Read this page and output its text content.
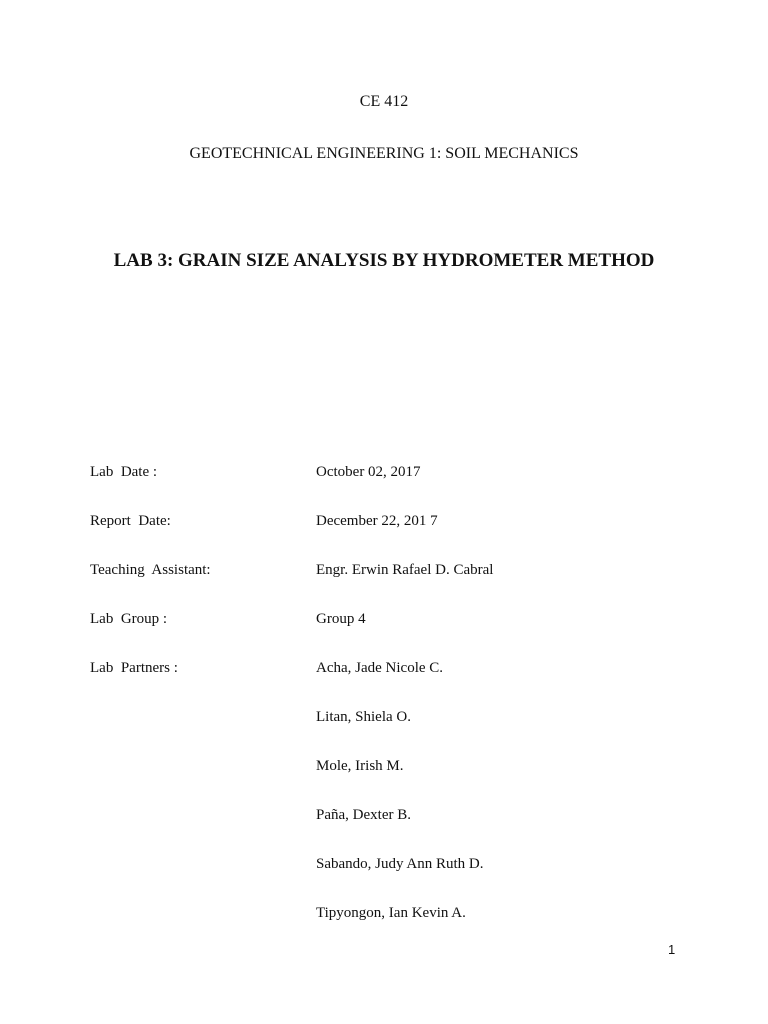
CE 412
GEOTECHNICAL ENGINEERING 1: SOIL MECHANICS
LAB 3: GRAIN SIZE ANALYSIS BY HYDROMETER METHOD
Lab  Date :	October 02, 2017
Report  Date:	December 22, 201 7
Teaching  Assistant:	Engr. Erwin Rafael D. Cabral
Lab  Group :	Group 4
Lab  Partners :	Acha, Jade Nicole C.
Litan, Shiela O.
Mole, Irish M.
Paña, Dexter B.
Sabando, Judy Ann Ruth D.
Tipyongon, Ian Kevin A.
1
